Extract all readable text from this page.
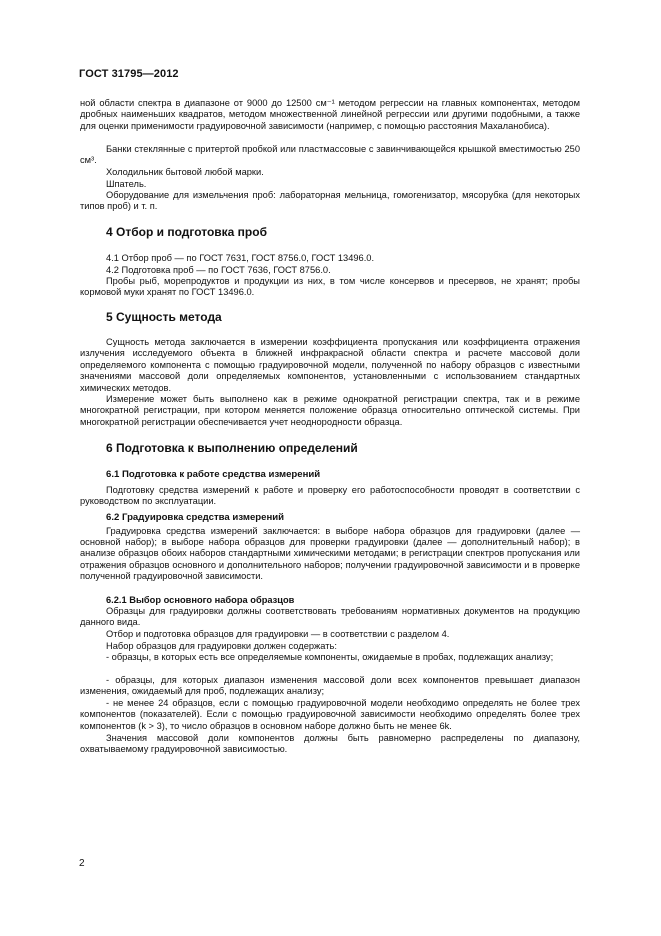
ГОСТ 31795—2012

ной области спектра в диапазоне от 9000 до 12500 см⁻¹ методом регрессии на главных компонентах, методом дробных наименьших квадратов, методом множественной линейной регрессии или другими подобными, а также для оценки применимости градуировочной зависимости (например, с помощью расстояния Махаланобиса).

Банки стеклянные с притертой пробкой или пластмассовые с завинчивающейся крышкой вместимостью 250 см³.

Холодильник бытовой любой марки.

Шпатель.

Оборудование для измельчения проб: лабораторная мельница, гомогенизатор, мясорубка (для некоторых типов проб) и т. п.

4 Отбор и подготовка проб

4.1 Отбор проб — по ГОСТ 7631, ГОСТ 8756.0, ГОСТ 13496.0.

4.2 Подготовка проб — по ГОСТ 7636, ГОСТ 8756.0.

Пробы рыб, морепродуктов и продукции из них, в том числе консервов и пресервов, не хранят; пробы кормовой муки хранят по ГОСТ 13496.0.

5 Сущность метода

Сущность метода заключается в измерении коэффициента пропускания или коэффициента отражения излучения исследуемого объекта в ближней инфракрасной области спектра и расчете массовой доли определяемого компонента с помощью градуировочной модели, полученной по набору образцов с известными значениями массовой доли определяемых компонентов, установленными с использованием стандартных химических методов.

Измерение может быть выполнено как в режиме однократной регистрации спектра, так и в режиме многократной регистрации, при котором меняется положение образца относительно оптической системы. При многократной регистрации обеспечивается учет неоднородности образца.

6 Подготовка к выполнению определений
6.1 Подготовка к работе средства измерений

Подготовку средства измерений к работе и проверку его работоспособности проводят в соответствии с руководством по эксплуатации.

6.2 Градуировка средства измерений

Градуировка средства измерений заключается: в выборе набора образцов для градуировки (далее — основной набор); в выборе набора образцов для проверки градуировки (далее — дополнительный набор); в анализе образцов обоих наборов стандартными химическими методами; в регистрации спектров пропускания или отражения образцов основного и дополнительного наборов; получении градуировочной зависимости и в проверке полученной градуировочной зависимости.

6.2.1 Выбор основного набора образцов

Образцы для градуировки должны соответствовать требованиям нормативных документов на продукцию данного вида.

Отбор и подготовка образцов для градуировки — в соответствии с разделом 4.

Набор образцов для градуировки должен содержать:

- образцы, в которых есть все определяемые компоненты, ожидаемые в пробах, подлежащих анализу;

- образцы, для которых диапазон изменения массовой доли всех компонентов превышает диапазон изменения, ожидаемый для проб, подлежащих анализу;

- не менее 24 образцов, если с помощью градуировочной модели необходимо определять не более трех компонентов (показателей). Если с помощью градуировочной зависимости необходимо определять более трех компонентов (k > 3), то число образцов в основном наборе должно быть не менее 6k.

Значения массовой доли компонентов должны быть равномерно распределены по диапазону, охватываемому градуировочной зависимостью.

2
